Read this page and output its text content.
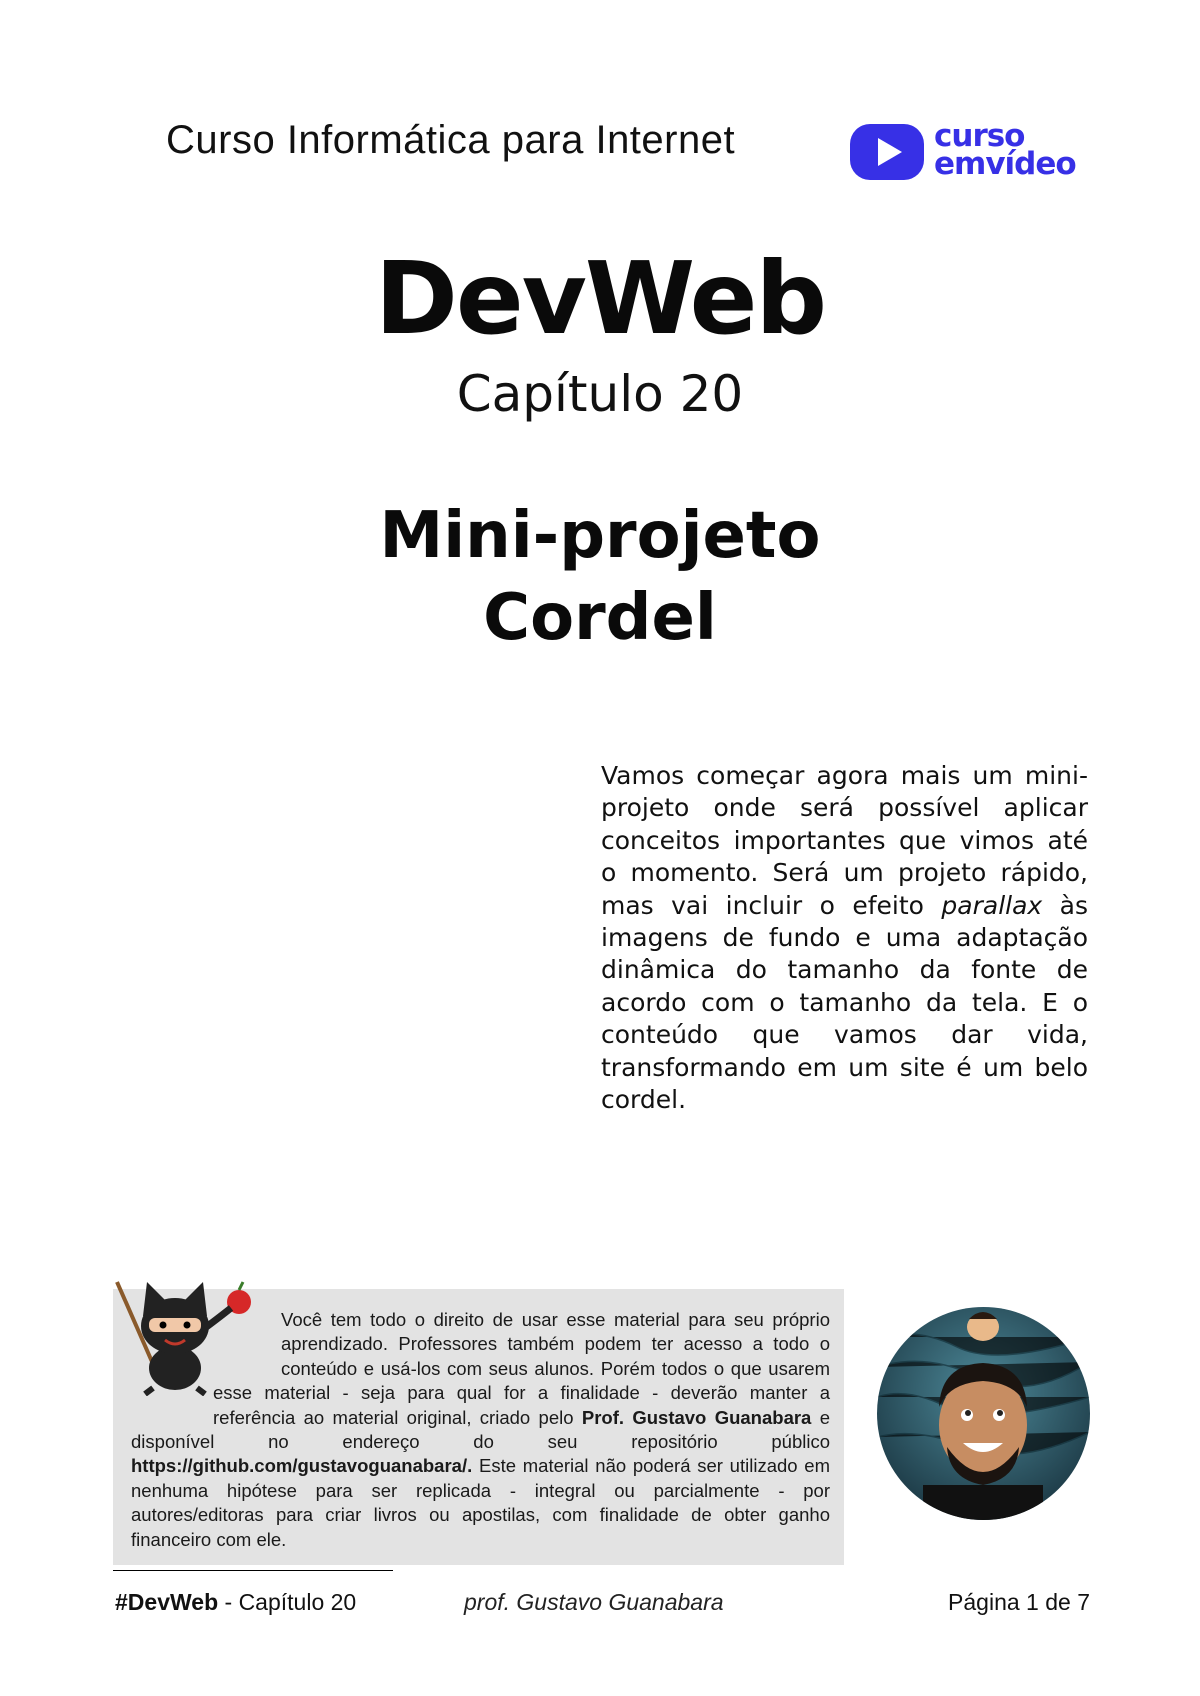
Curso Informática para Internet	curso
emvídeo
DevWeb
Capítulo 20
Mini-projeto
Cordel
Vamos começar agora mais um mini-projeto onde será possível aplicar conceitos importantes que vimos até o momento. Será um projeto rápido, mas vai incluir o efeito parallax às imagens de fundo e uma adaptação dinâmica do tamanho da fonte de acordo com o tamanho da tela. E o conteúdo que vamos dar vida, transformando em um site é um belo cordel.
Você tem todo o direito de usar esse material para seu próprio aprendizado. Professores também podem ter acesso a todo o conteúdo e usá-los com seus alunos. Porém todos o que usarem esse material - seja para qual for a finalidade - deverão manter a referência ao material original, criado pelo Prof. Gustavo Guanabara e disponível no endereço do seu repositório público https://github.com/gustavoguanabara/. Este material não poderá ser utilizado em nenhuma hipótese para ser replicada - integral ou parcialmente - por autores/editoras para criar livros ou apostilas, com finalidade de obter ganho financeiro com ele.
#DevWeb - Capítulo 20	prof. Gustavo Guanabara	Página 1 de 7
